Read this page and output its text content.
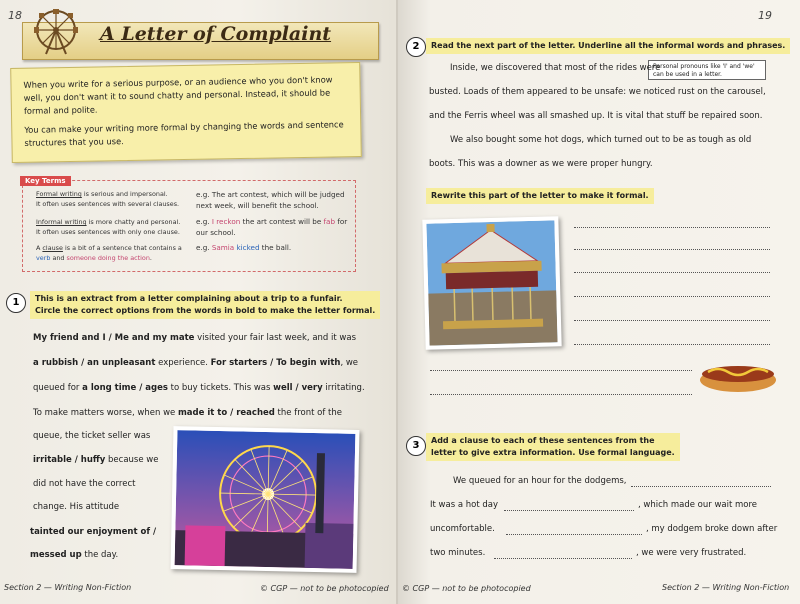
18
A Letter of Complaint

When you write for a serious purpose, or an audience who you don't know well, you don't want it to sound chatty and personal. Instead, it should be formal and polite.

You can make your writing more formal by changing the words and sentence structures that you use.

Key Terms
Formal writing is serious and impersonal.
It often uses sentences with several clauses.
e.g. The art contest, which will be judged next week, will benefit the school.
Informal writing is more chatty and personal.
It often uses sentences with only one clause.
e.g. I reckon the art contest will be fab for our school.
A clause is a bit of a sentence that contains a verb and someone doing the action.
e.g. Samia kicked the ball.
1	This is an extract from a letter complaining about a trip to a funfair.
Circle the correct options from the words in bold to make the letter formal.
My friend and I / Me and my mate visited your fair last week, and it was
a rubbish / an unpleasant experience. For starters / To begin with, we
queued for a long time / ages to buy tickets. This was well / very irritating.
To make matters worse, when we made it to / reached the front of the
queue, the ticket seller was
irritable / huffy because we
did not have the correct
change. His attitude
tainted our enjoyment of /
messed up the day.
Section 2 — Writing Non-Fiction	© CGP — not to be photocopied
19
2	Read the next part of the letter. Underline all the informal words and phrases.
Personal pronouns like 'I' and 'we' can be used in a letter.
Inside, we discovered that most of the rides were
busted. Loads of them appeared to be unsafe: we noticed rust on the carousel,
and the Ferris wheel was all smashed up. It is vital that stuff be repaired soon.
We also bought some hot dogs, which turned out to be as tough as old
boots. This was a downer as we were proper hungry.
Rewrite this part of the letter to make it formal.
3	Add a clause to each of these sentences from the
letter to give extra information. Use formal language.
We queued for an hour for the dodgems,
It was a hot day	, which made our wait more
uncomfortable.	, my dodgem broke down after
two minutes.	, we were very frustrated.
© CGP — not to be photocopied	Section 2 — Writing Non-Fiction
